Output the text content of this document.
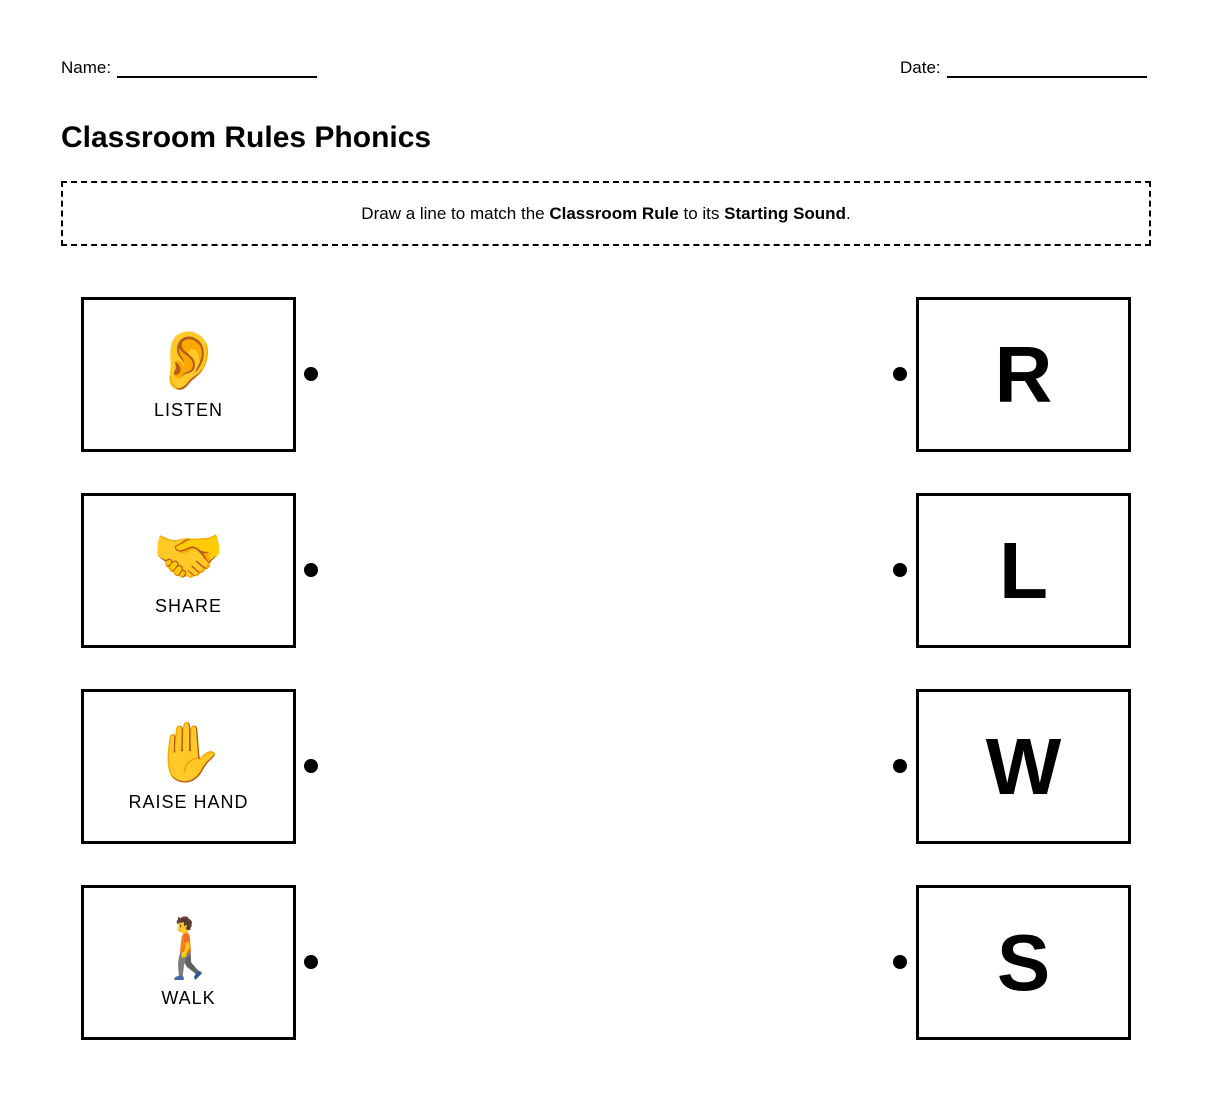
Name:	Date:
Classroom Rules Phonics
Draw a line to match the Classroom Rule to its Starting Sound.
👂
LISTEN
🤝
SHARE
✋
RAISE HAND
🚶
WALK
R
L
W
S
